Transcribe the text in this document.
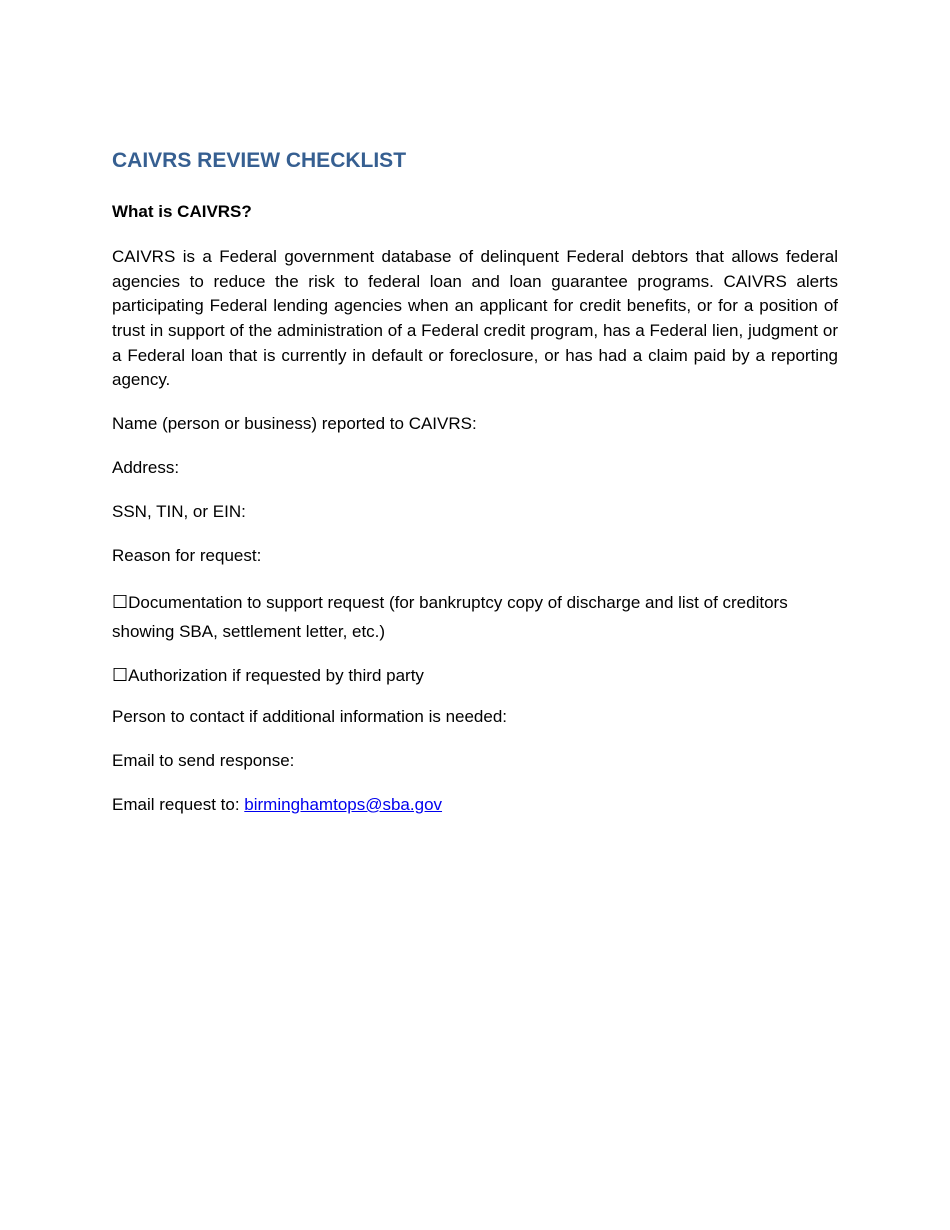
CAIVRS REVIEW CHECKLIST
What is CAIVRS?

CAIVRS is a Federal government database of delinquent Federal debtors that allows federal agencies to reduce the risk to federal loan and loan guarantee programs. CAIVRS alerts participating Federal lending agencies when an applicant for credit benefits, or for a position of trust in support of the administration of a Federal credit program, has a Federal lien, judgment or a Federal loan that is currently in default or foreclosure, or has had a claim paid by a reporting agency.

Name (person or business) reported to CAIVRS:
Address:
SSN, TIN, or EIN:
Reason for request:
☐Documentation to support request (for bankruptcy copy of discharge and list of creditors showing SBA, settlement letter, etc.)
☐Authorization if requested by third party
Person to contact if additional information is needed:
Email to send response:
Email request to: birminghamtops@sba.gov
